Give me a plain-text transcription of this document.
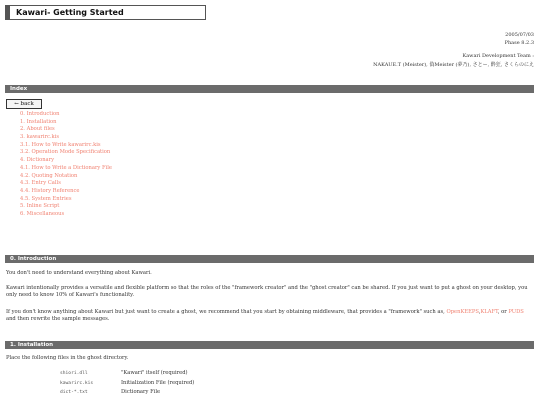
Kawari- Getting Started
2005/07/03
Phase 8.2.3
Kawari Development Team :
NAKAUE.T (Meister), 偽Meister (夢乃), さとー, 酔狂, さくらのにえ
Index
← back
0. Introduction
1. Installation
2. About files
3. kawarirc.kis
3.1. How to Write kawarirc.kis
3.2. Operation Mode Specification
4. Dictionary
4.1. How to Write a Dictionary File
4.2. Quoting Notation
4.3. Entry Calls
4.4. History Reference
4.5. System Entries
5. Inline Script
6. Miscellaneous
0. Introduction
You don't need to understand everything about Kawari.
Kawari intentionally provides a versatile and flexible platform so that the roles of the "framework creator" and the "ghost creator" can be shared. If you just want to put a ghost on your desktop, you only need to know 10% of Kawari's functionality.
If you don't know anything about Kawari but just want to create a ghost, we recommend that you start by obtaining middleware, that provides a "framework" such as, OpenKEEPS,KLAFT, or PUDS and then rewrite the sample messages.
1. Installation
Place the following files in the ghost directory.
shiori.dll	"Kawari" itself (required)
kawarirc.kis	Initialization File (required)
dict-*.txt	Dictionary File
